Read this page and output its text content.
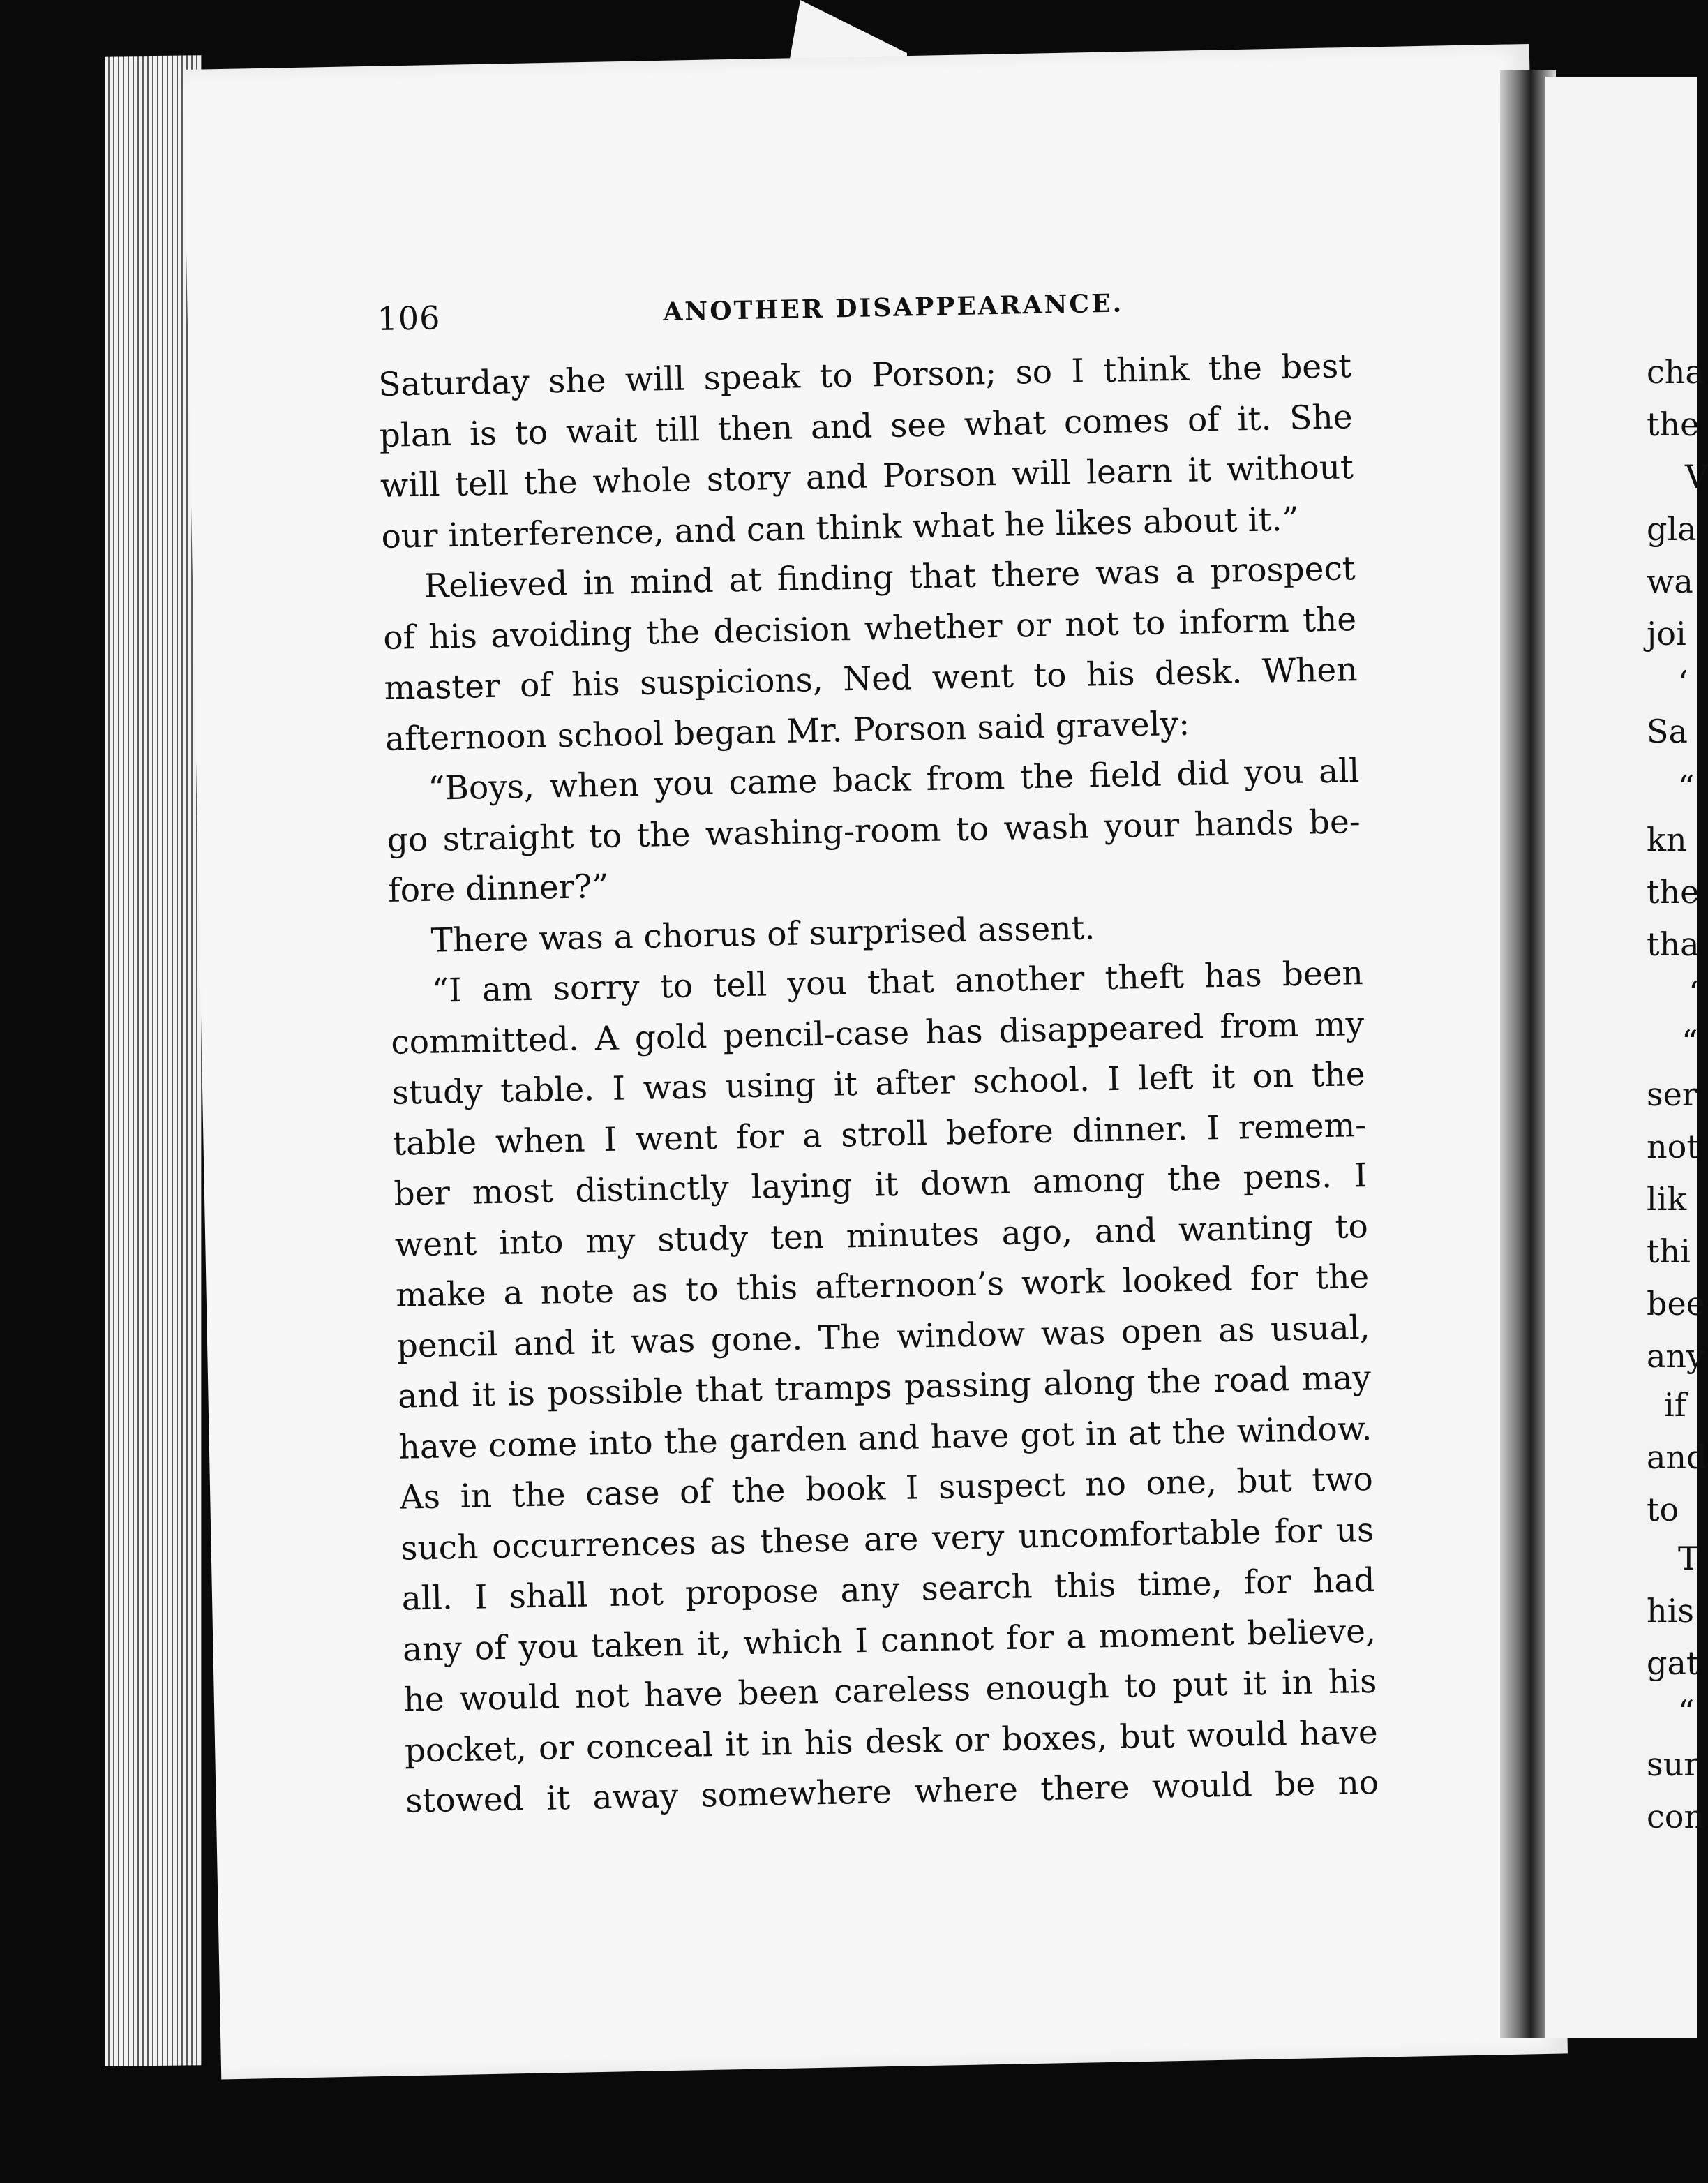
106	ANOTHER DISAPPEARANCE.
Saturday she will speak to Porson; so I think the best
plan is to wait till then and see what comes of it. She
will tell the whole story and Porson will learn it without
our interference, and can think what he likes about it.”
Relieved in mind at finding that there was a prospect
of his avoiding the decision whether or not to inform the
master of his suspicions, Ned went to his desk. When
afternoon school began Mr. Porson said gravely:
“Boys, when you came back from the field did you all
go straight to the washing-room to wash your hands be-
fore dinner?”
There was a chorus of surprised assent.
“I am sorry to tell you that another theft has been
committed. A gold pencil-case has disappeared from my
study table. I was using it after school. I left it on the
table when I went for a stroll before dinner. I remem-
ber most distinctly laying it down among the pens. I
went into my study ten minutes ago, and wanting to
make a note as to this afternoon’s work looked for the
pencil and it was gone. The window was open as usual,
and it is possible that tramps passing along the road may
have come into the garden and have got in at the window.
As in the case of the book I suspect no one, but two
such occurrences as these are very uncomfortable for us
all. I shall not propose any search this time, for had
any of you taken it, which I cannot for a moment believe,
he would not have been careless enough to put it in his
pocket, or conceal it in his desk or boxes, but would have
stowed it away somewhere where there would be no
cha
the
V
gla
wa
joi
‘
Sa
“
kn
the
tha
‘
“
ser
not
lik
thi
bee
any
if
and
to
T
his
gat
“
sur
con
